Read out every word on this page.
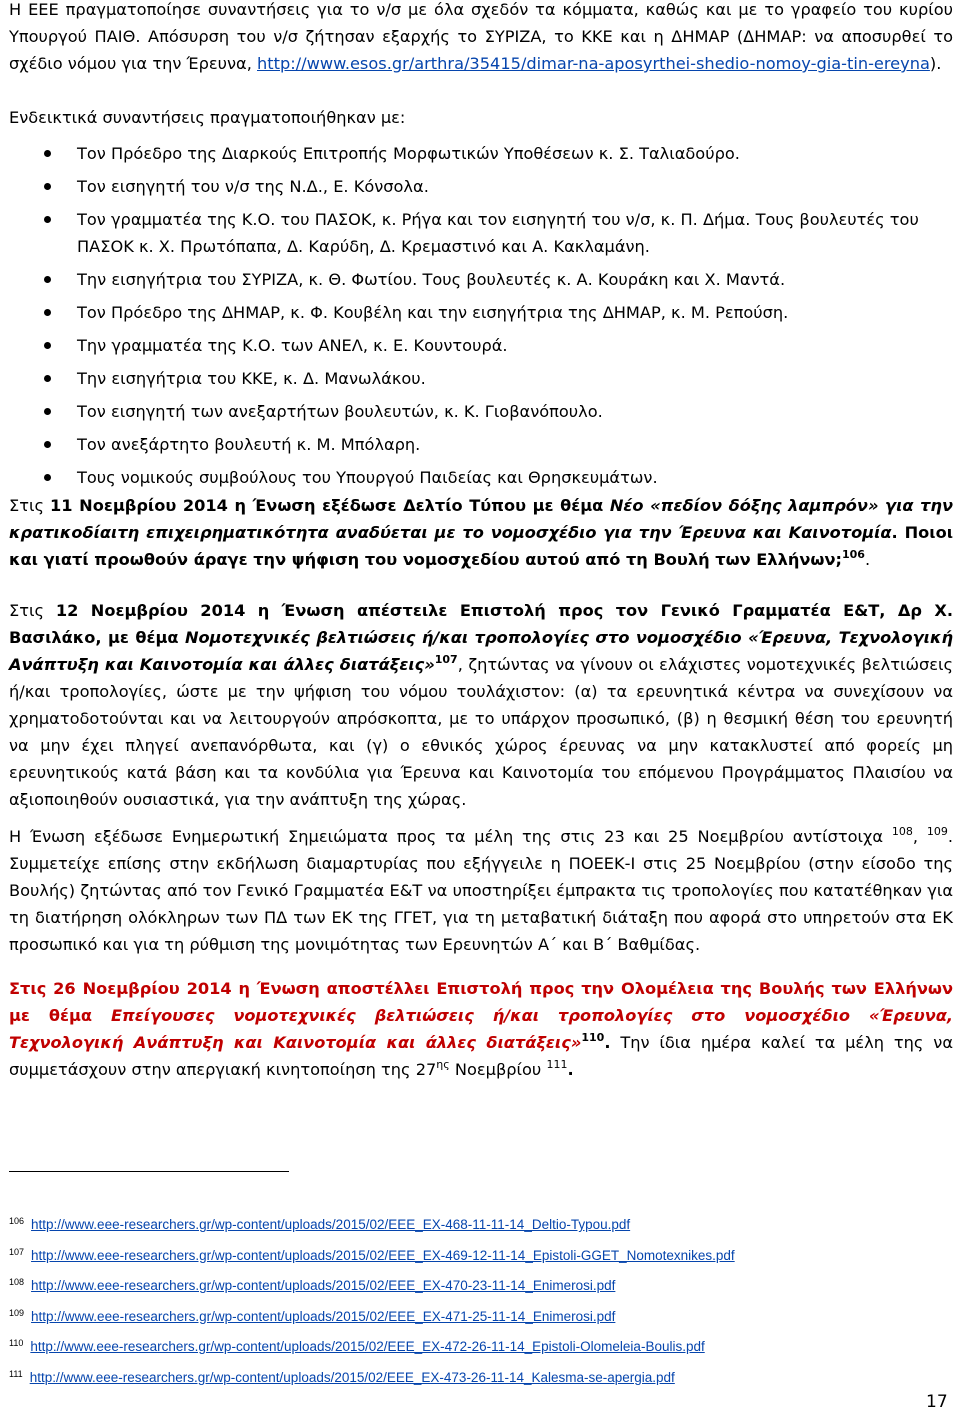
Η ΕΕΕ πραγματοποίησε συναντήσεις για το ν/σ με όλα σχεδόν τα κόμματα, καθώς και με το γραφείο του κυρίου Υπουργού ΠΑΙΘ. Απόσυρση του ν/σ ζήτησαν εξαρχής το ΣΥΡΙΖΑ, το ΚΚΕ και η ΔΗΜΑΡ (ΔΗΜΑΡ: να αποσυρθεί το σχέδιο νόμου για την Έρευνα, http://www.esos.gr/arthra/35415/dimar-na-aposyrthei-shedio-nomoy-gia-tin-ereyna).

Ενδεικτικά συναντήσεις πραγματοποιήθηκαν με:

Τον Πρόεδρο της Διαρκούς Επιτροπής Μορφωτικών Υποθέσεων κ. Σ. Ταλιαδούρο.
Τον εισηγητή του ν/σ της Ν.Δ., Ε. Κόνσολα.
Τον γραμματέα της Κ.Ο. του ΠΑΣΟΚ, κ. Ρήγα και τον εισηγητή του ν/σ, κ. Π. Δήμα. Τους βουλευτές του ΠΑΣΟΚ κ. Χ. Πρωτόπαπα, Δ. Καρύδη, Δ. Κρεμαστινό και Α. Κακλαμάνη.
Την εισηγήτρια του ΣΥΡΙΖΑ, κ. Θ. Φωτίου. Τους βουλευτές κ. Α. Κουράκη και Χ. Μαντά.
Τον Πρόεδρο της ΔΗΜΑΡ, κ. Φ. Κουβέλη και την εισηγήτρια της ΔΗΜΑΡ, κ. Μ. Ρεπούση.
Την γραμματέα της Κ.Ο. των ΑΝΕΛ, κ. Ε. Κουντουρά.
Την εισηγήτρια του ΚΚΕ, κ. Δ. Μανωλάκου.
Τον εισηγητή των ανεξαρτήτων βουλευτών, κ. Κ. Γιοβανόπουλο.
Τον ανεξάρτητο βουλευτή κ. Μ. Μπόλαρη.
Τους νομικούς συμβούλους του Υπουργού Παιδείας και Θρησκευμάτων.

Στις 11 Νοεμβρίου 2014 η Ένωση εξέδωσε Δελτίο Τύπου με θέμα Νέο «πεδίον δόξης λαμπρόν» για την κρατικοδίαιτη επιχειρηματικότητα αναδύεται με το νομοσχέδιο για την Έρευνα και Καινοτομία. Ποιοι και γιατί προωθούν άραγε την ψήφιση του νομοσχεδίου αυτού από τη Βουλή των Ελλήνων;$^{106}$.

Στις 12 Νοεμβρίου 2014 η Ένωση απέστειλε Επιστολή προς τον Γενικό Γραμματέα Ε&Τ, Δρ Χ. Βασιλάκο, με θέμα Νομοτεχνικές βελτιώσεις ή/και τροπολογίες στο νομοσχέδιο «Έρευνα, Τεχνολογική Ανάπτυξη και Καινοτομία και άλλες διατάξεις»$^{107}$, ζητώντας να γίνουν οι ελάχιστες νομοτεχνικές βελτιώσεις ή/και τροπολογίες, ώστε με την ψήφιση του νόμου τουλάχιστον: (α) τα ερευνητικά κέντρα να συνεχίσουν να χρηματοδοτούνται και να λειτουργούν απρόσκοπτα, με το υπάρχον προσωπικό, (β) η θεσμική θέση του ερευνητή να μην έχει πληγεί ανεπανόρθωτα, και (γ) ο εθνικός χώρος έρευνας να μην κατακλυστεί από φορείς μη ερευνητικούς κατά βάση και τα κονδύλια για Έρευνα και Καινοτομία του επόμενου Προγράμματος Πλαισίου να αξιοποιηθούν ουσιαστικά, για την ανάπτυξη της χώρας.

Η Ένωση εξέδωσε Ενημερωτική Σημειώματα προς τα μέλη της στις 23 και 25 Νοεμβρίου αντίστοιχα $^{108}$, $^{109}$. Συμμετείχε επίσης στην εκδήλωση διαμαρτυρίας που εξήγγειλε η ΠΟΕΕΚ-Ι στις 25 Νοεμβρίου (στην είσοδο της Βουλής) ζητώντας από τον Γενικό Γραμματέα Ε&Τ να υποστηρίξει έμπρακτα τις τροπολογίες που κατατέθηκαν για τη διατήρηση ολόκληρων των ΠΔ των ΕΚ της ΓΓΕΤ, για τη μεταβατική διάταξη που αφορά στο υπηρετούν στα ΕΚ προσωπικό και για τη ρύθμιση της μονιμότητας των Ερευνητών Α΄ και Β΄ Βαθμίδας.

Στις 26 Νοεμβρίου 2014 η Ένωση αποστέλλει Επιστολή προς την Ολομέλεια της Βουλής των Ελλήνων με θέμα Επείγουσες νομοτεχνικές βελτιώσεις ή/και τροπολογίες στο νομοσχέδιο «Έρευνα, Τεχνολογική Ανάπτυξη και Καινοτομία και άλλες διατάξεις»$^{110}$. Την ίδια ημέρα καλεί τα μέλη της να συμμετάσχουν στην απεργιακή κινητοποίηση της $27^{\eta\varsigma}$ Νοεμβρίου $^{111}$.

$^{106}$ http://www.eee-researchers.gr/wp-content/uploads/2015/02/EEE_EX-468-11-11-14_Deltio-Typou.pdf
$^{107}$ http://www.eee-researchers.gr/wp-content/uploads/2015/02/EEE_EX-469-12-11-14_Epistoli-GGET_Nomotexnikes.pdf
$^{108}$ http://www.eee-researchers.gr/wp-content/uploads/2015/02/EEE_EX-470-23-11-14_Enimerosi.pdf
$^{109}$ http://www.eee-researchers.gr/wp-content/uploads/2015/02/EEE_EX-471-25-11-14_Enimerosi.pdf
$^{110}$ http://www.eee-researchers.gr/wp-content/uploads/2015/02/EEE_EX-472-26-11-14_Epistoli-Olomeleia-Boulis.pdf
$^{111}$ http://www.eee-researchers.gr/wp-content/uploads/2015/02/EEE_EX-473-26-11-14_Kalesma-se-apergia.pdf
17
